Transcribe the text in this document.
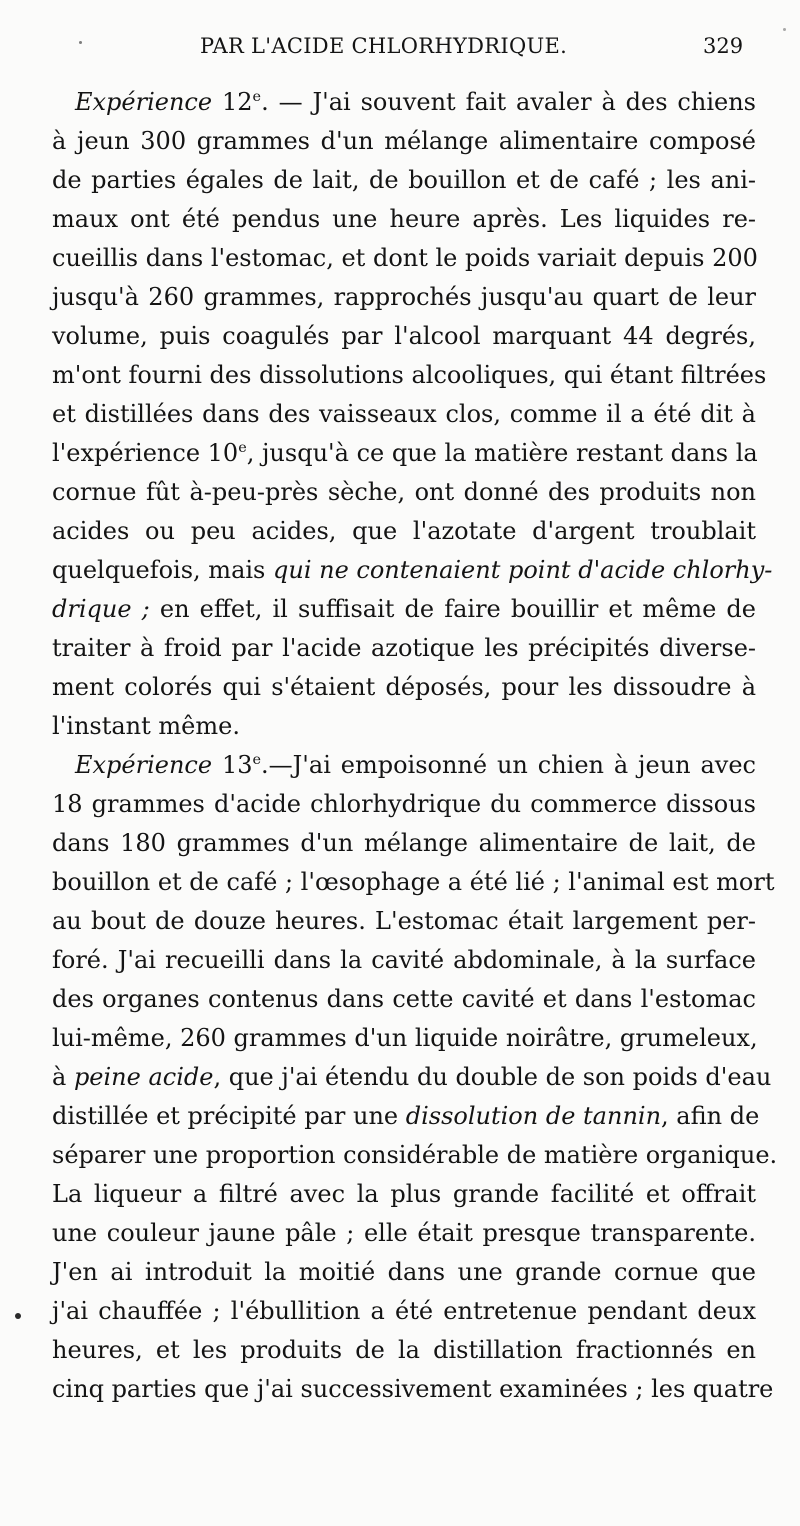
PAR L'ACIDE CHLORHYDRIQUE.	329
Expérience 12e. — J'ai souvent fait avaler à des chiens
à jeun 300 grammes d'un mélange alimentaire composé
de parties égales de lait, de bouillon et de café ; les ani-
maux ont été pendus une heure après. Les liquides re-
cueillis dans l'estomac, et dont le poids variait depuis 200
jusqu'à 260 grammes, rapprochés jusqu'au quart de leur
volume, puis coagulés par l'alcool marquant 44 degrés,
m'ont fourni des dissolutions alcooliques, qui étant filtrées
et distillées dans des vaisseaux clos, comme il a été dit à
l'expérience 10e, jusqu'à ce que la matière restant dans la
cornue fût à-peu-près sèche, ont donné des produits non
acides ou peu acides, que l'azotate d'argent troublait
quelquefois, mais qui ne contenaient point d'acide chlorhy-
drique ; en effet, il suffisait de faire bouillir et même de
traiter à froid par l'acide azotique les précipités diverse-
ment colorés qui s'étaient déposés, pour les dissoudre à
l'instant même.
Expérience 13e.—J'ai empoisonné un chien à jeun avec
18 grammes d'acide chlorhydrique du commerce dissous
dans 180 grammes d'un mélange alimentaire de lait, de
bouillon et de café ; l'œsophage a été lié ; l'animal est mort
au bout de douze heures. L'estomac était largement per-
foré. J'ai recueilli dans la cavité abdominale, à la surface
des organes contenus dans cette cavité et dans l'estomac
lui-même, 260 grammes d'un liquide noirâtre, grumeleux,
à peine acide, que j'ai étendu du double de son poids d'eau
distillée et précipité par une dissolution de tannin, afin de
séparer une proportion considérable de matière organique.
La liqueur a filtré avec la plus grande facilité et offrait
une couleur jaune pâle ; elle était presque transparente.
J'en ai introduit la moitié dans une grande cornue que
j'ai chauffée ; l'ébullition a été entretenue pendant deux
heures, et les produits de la distillation fractionnés en
cinq parties que j'ai successivement examinées ; les quatre
